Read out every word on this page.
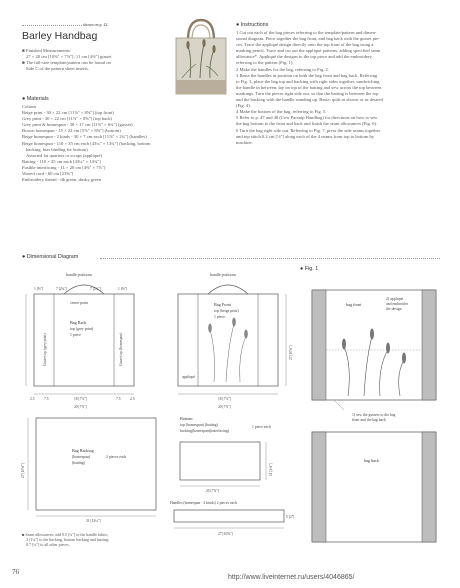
shown on p. 42
Barley Handbag
■ Finished Measurements:
27 × 20 cm [10⅝" × 7⅞"]; 11 cm [4⅜"] gusset
■ The full-size template/pattern can be found on
Side C of the pattern sheet inserts.
● Materials
Cottons
Beige print - 30 × 22 cm [11⅞" × 8⅝"] (top front)
Grey print - 30 × 22 cm [11⅞" × 8⅝"] (top back)
Grey print & homespun - 30 × 17 cm [11⅞" × 6¾"] (gusset)
Brown homespun - 15 × 22 cm [5⅞" × 8⅝"] (bottom)
Beige homespun - 2 kinds - 30 × 7 cm each [11⅞" × 2¾"] (handles)
Beige homespun - 110 × 35 cm each [43¼" × 13¾"] (backing, bottom
backing, bias binding for bottom)
Assorted fat quarters or scraps (appliqué)
Batting - 110 × 35 cm each [43¼" × 13¾"]
Fusible interfacing - 11 × 20 cm [4⅜" × 7⅞"]
Waxed cord - 60 cm [23⅝"]
Embroidery thread - dk green, dusky green
● Instructions
1 Cut out each of the bag pieces referring to the template/pattern and dimen-
sional diagram. Piece together the bag front, and bag back with the gusset pie-
ces. Trace the appliqué design directly onto the top front of the bag using a
marking pencil. Trace and cut out the appliqué patterns, adding specified seam
allowance*. Appliqué the designs to the top piece and add the embroidery,
referring to the pattern (Fig. 1).
2 Make the handles for the bag, referring to Fig. 2.
3 Baste the handles in position on both the bag front and bag back. Referring
to Fig. 3, place the bag top and backing with right sides together, sandwiching
the handle in between, lay on top of the batting and sew across the top between
markings. Turn the pieces right side out, so that the batting is between the top
and the backing with the handle standing up. Baste; quilt as shown or as desired
(Fig. 4).
4 Make the bottom of the bag, referring to Fig. 5.
5 Refer to p. 47 and 48 (Cow Parsnip Handbag) for directions on how to sew
the bag bottom to the front and back and finish the seam allowances (Fig. 6).
6 Turn the bag right side out. Referring to Fig. 7, press the side seams together
and top stitch 0.2 cm [⅛"] along each of the 4 seams from top to bottom by
machine.
● Dimensional Diagram
handle positions
center point
1 [⅜"]	7 [2¾"]	7 [2¾"]	1 [⅜"]
Bag Back
top (grey print)
1 piece
Gusset top (grey print)	Gusset top (homespun)
2.5	7.5	18 [7⅛"]	7.5	2.5
20 [7⅞"]
handle positions
Bag Front
top (beige print)
1 piece
appliqué
27 [10⅝"]
18 [7⅛"]
20 [7⅞"]
Bag Backing
(homespun)
(batting)
2 pieces each
27 [10⅝"]
31 [12¼"]
Bottom
top (homespun) (batting)
backing(homespun)(interfacing)
1 piece each
20 [7⅞"]
11 [4⅜"]
Handles (homespun - 2 kinds) 2 pieces each
27 [10⅝"]
5 [2"]
■ Seam allowances: add 0.5 [¼"] to the handle fabric;
3 [1¼"] to the backing, bottom backing and batting;
0.7 [¼"] to all other pieces.
● Fig. 1
bag front
2) appliqué
and embroider
the design
1) sew the gussets to the bag
front and the bag back
bag back
76
http://www.liveinternet.ru/users/4046865/
